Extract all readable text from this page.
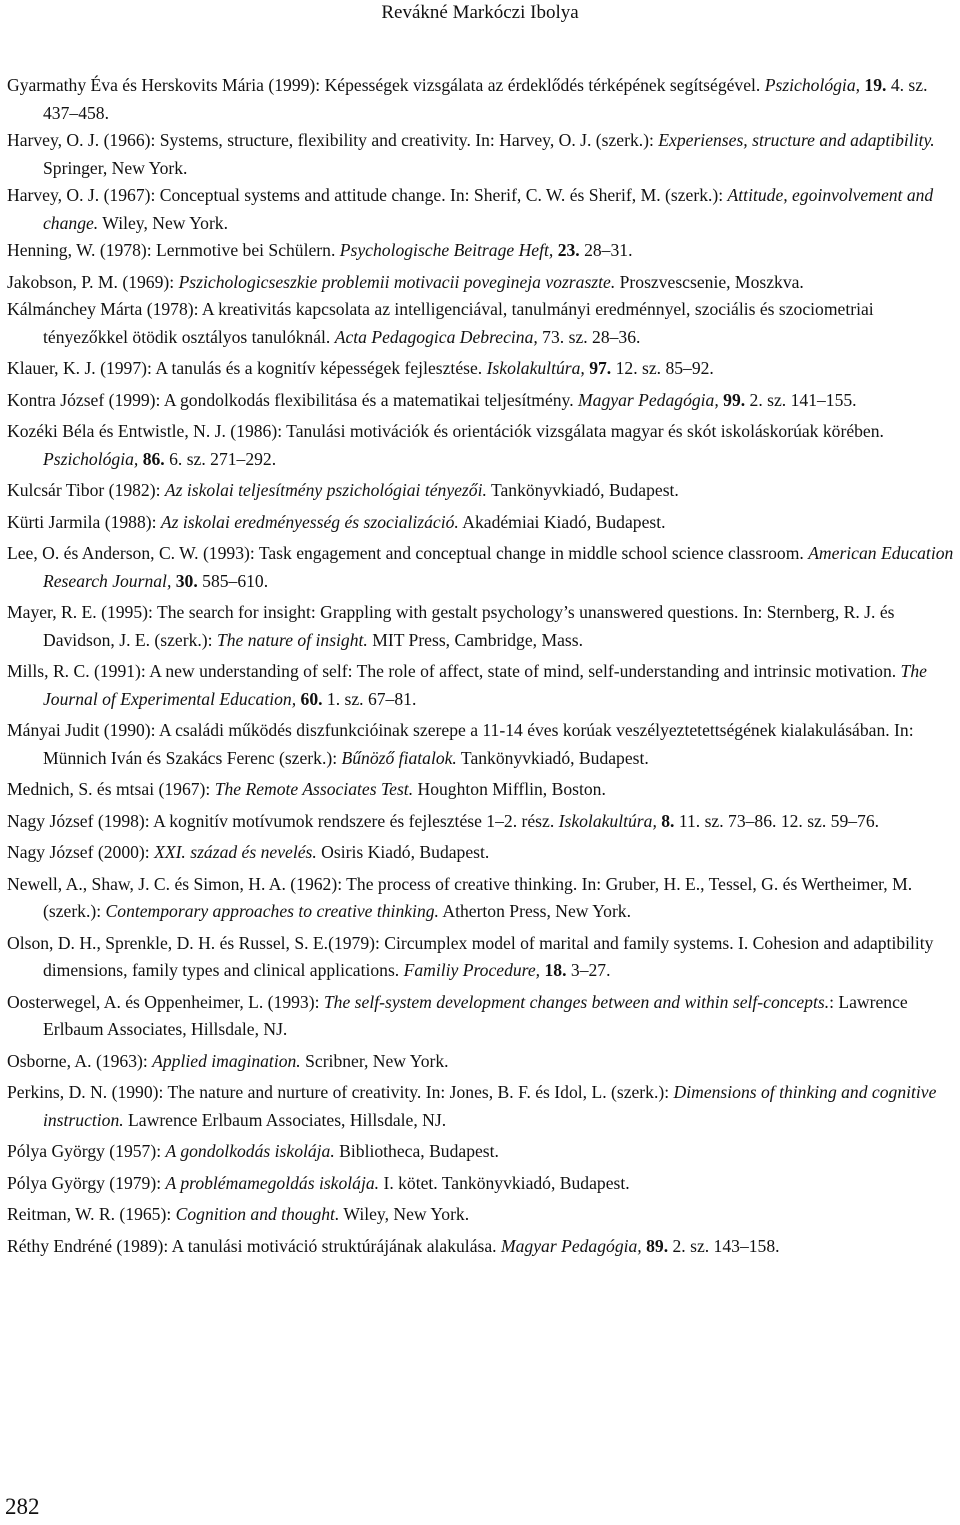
Revákné Markóczi Ibolya

Gyarmathy Éva és Herskovits Mária (1999): Képességek vizsgálata az érdeklődés térképének segítségével. Pszichológia, 19. 4. sz. 437–458.

Harvey, O. J. (1966): Systems, structure, flexibility and creativity. In: Harvey, O. J. (szerk.): Experienses, structure and adaptibility. Springer, New York.

Harvey, O. J. (1967): Conceptual systems and attitude change. In: Sherif, C. W. és Sherif, M. (szerk.): Attitude, egoinvolvement and change. Wiley, New York.

Henning, W. (1978): Lernmotive bei Schülern. Psychologische Beitrage Heft, 23. 28–31.

Jakobson, P. M. (1969): Pszichologicseszkie problemii motivacii povegineja vozraszte. Proszvescsenie, Moszkva.

Kálmánchey Márta (1978): A kreativitás kapcsolata az intelligenciával, tanulmányi eredménnyel, szociális és szociometriai tényezőkkel ötödik osztályos tanulóknál. Acta Pedagogica Debrecina, 73. sz. 28–36.

Klauer, K. J. (1997): A tanulás és a kognitív képességek fejlesztése. Iskolakultúra, 97. 12. sz. 85–92.

Kontra József (1999): A gondolkodás flexibilitása és a matematikai teljesítmény. Magyar Pedagógia, 99. 2. sz. 141–155.

Kozéki Béla és Entwistle, N. J. (1986): Tanulási motivációk és orientációk vizsgálata magyar és skót iskoláskorúak körében. Pszichológia, 86. 6. sz. 271–292.

Kulcsár Tibor (1982): Az iskolai teljesítmény pszichológiai tényezői. Tankönyvkiadó, Budapest.

Kürti Jarmila (1988): Az iskolai eredményesség és szocializáció. Akadémiai Kiadó, Budapest.

Lee, O. és Anderson, C. W. (1993): Task engagement and conceptual change in middle school science classroom. American Education Research Journal, 30. 585–610.

Mayer, R. E. (1995): The search for insight: Grappling with gestalt psychology’s unanswered questions. In: Sternberg, R. J. és Davidson, J. E. (szerk.): The nature of insight. MIT Press, Cambridge, Mass.

Mills, R. C. (1991): A new understanding of self: The role of affect, state of mind, self-understanding and intrinsic motivation. The Journal of Experimental Education, 60. 1. sz. 67–81.

Mányai Judit (1990): A családi működés diszfunkcióinak szerepe a 11-14 éves korúak veszélyeztetettségének kialakulásában. In: Münnich Iván és Szakács Ferenc (szerk.): Bűnöző fiatalok. Tankönyvkiadó, Budapest.

Mednich, S. és mtsai (1967): The Remote Associates Test. Houghton Mifflin, Boston.

Nagy József (1998): A kognitív motívumok rendszere és fejlesztése 1–2. rész. Iskolakultúra, 8. 11. sz. 73–86. 12. sz. 59–76.

Nagy József (2000): XXI. század és nevelés. Osiris Kiadó, Budapest.

Newell, A., Shaw, J. C. és Simon, H. A. (1962): The process of creative thinking. In: Gruber, H. E., Tessel, G. és Wertheimer, M. (szerk.): Contemporary approaches to creative thinking. Atherton Press, New York.

Olson, D. H., Sprenkle, D. H. és Russel, S. E.(1979): Circumplex model of marital and family systems. I. Cohesion and adaptibility dimensions, family types and clinical applications. Familiy Procedure, 18. 3–27.

Oosterwegel, A. és Oppenheimer, L. (1993): The self-system development changes between and within self-concepts.: Lawrence Erlbaum Associates, Hillsdale, NJ.

Osborne, A. (1963): Applied imagination. Scribner, New York.

Perkins, D. N. (1990): The nature and nurture of creativity. In: Jones, B. F. és Idol, L. (szerk.): Dimensions of thinking and cognitive instruction. Lawrence Erlbaum Associates, Hillsdale, NJ.

Pólya György (1957): A gondolkodás iskolája. Bibliotheca, Budapest.

Pólya György (1979): A problémamegoldás iskolája. I. kötet. Tankönyvkiadó, Budapest.

Reitman, W. R. (1965): Cognition and thought. Wiley, New York.

Réthy Endréné (1989): A tanulási motiváció struktúrájának alakulása. Magyar Pedagógia, 89. 2. sz. 143–158.

282
